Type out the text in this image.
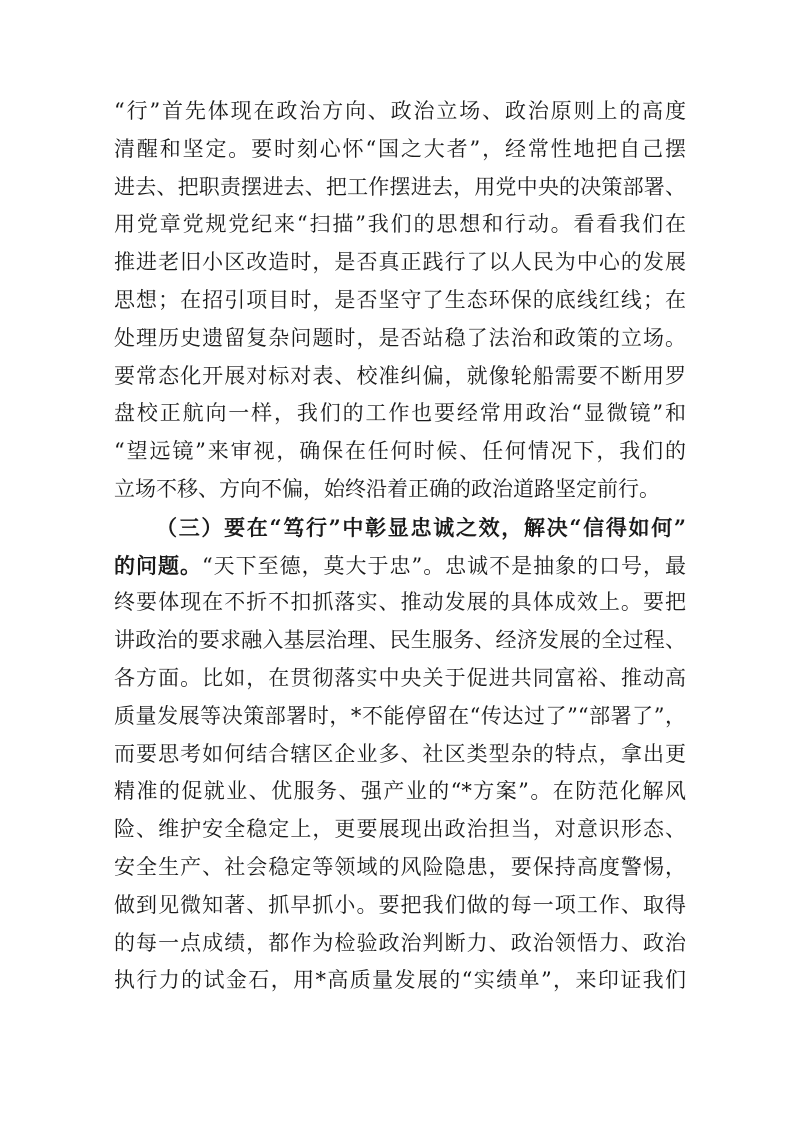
“行”首先体现在政治方向、政治立场、政治原则上的高度
清醒和坚定。要时刻心怀“国之大者”，经常性地把自己摆
进去、把职责摆进去、把工作摆进去，用党中央的决策部署、
用党章党规党纪来“扫描”我们的思想和行动。看看我们在
推进老旧小区改造时，是否真正践行了以人民为中心的发展
思想；在招引项目时，是否坚守了生态环保的底线红线；在
处理历史遗留复杂问题时，是否站稳了法治和政策的立场。
要常态化开展对标对表、校准纠偏，就像轮船需要不断用罗
盘校正航向一样，我们的工作也要经常用政治“显微镜”和
“望远镜”来审视，确保在任何时候、任何情况下，我们的
立场不移、方向不偏，始终沿着正确的政治道路坚定前行。
（三）要在“笃行”中彰显忠诚之效，解决“信得如何”
的问题。“天下至德，莫大于忠”。忠诚不是抽象的口号，最
终要体现在不折不扣抓落实、推动发展的具体成效上。要把
讲政治的要求融入基层治理、民生服务、经济发展的全过程、
各方面。比如，在贯彻落实中央关于促进共同富裕、推动高
质量发展等决策部署时，*不能停留在“传达过了”“部署了”，
而要思考如何结合辖区企业多、社区类型杂的特点，拿出更
精准的促就业、优服务、强产业的“*方案”。在防范化解风
险、维护安全稳定上，更要展现出政治担当，对意识形态、
安全生产、社会稳定等领域的风险隐患，要保持高度警惕，
做到见微知著、抓早抓小。要把我们做的每一项工作、取得
的每一点成绩，都作为检验政治判断力、政治领悟力、政治
执行力的试金石，用*高质量发展的“实绩单”，来印证我们
